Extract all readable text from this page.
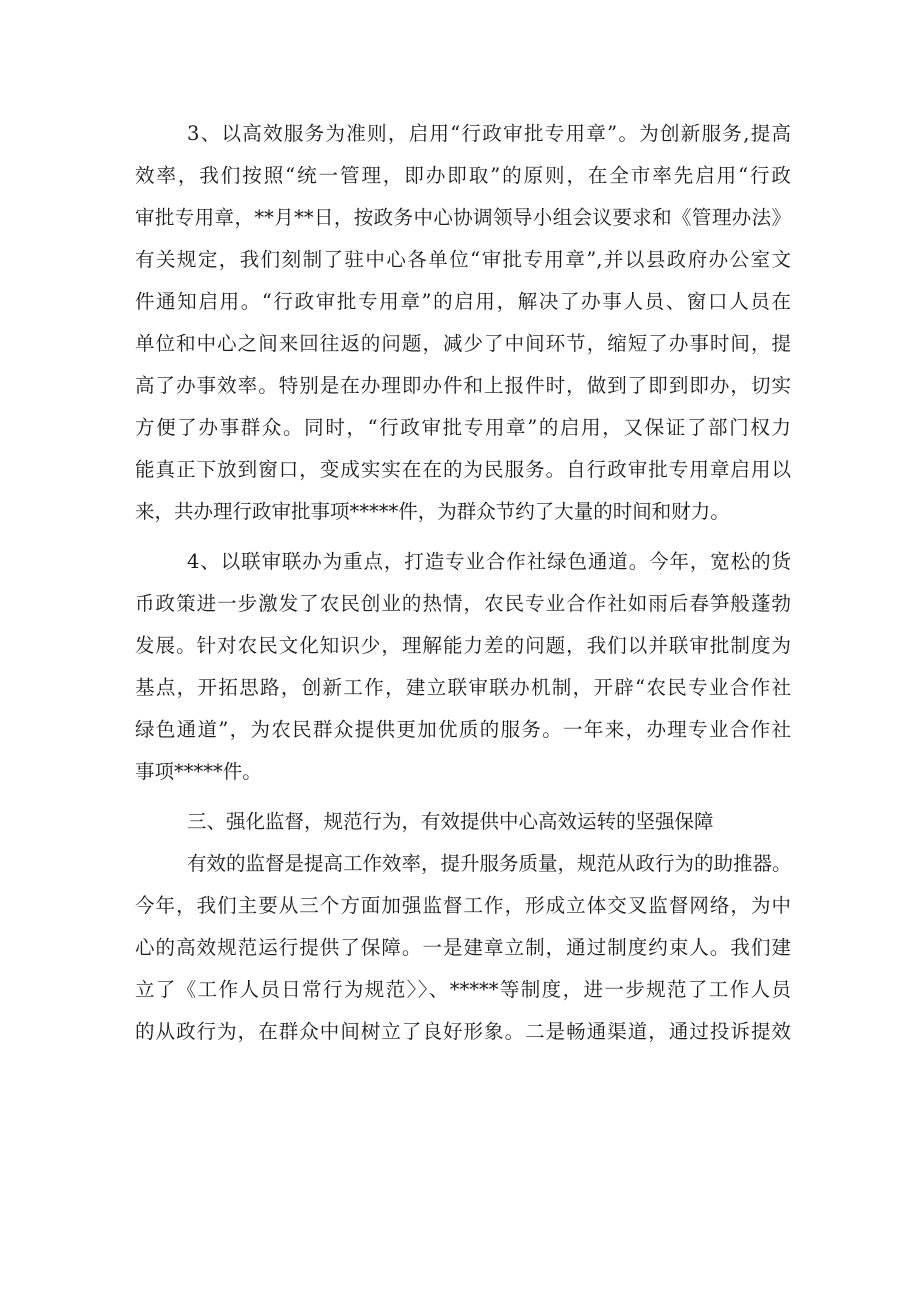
3、以高效服务为准则，启用“行政审批专用章”。为创新服务,提高
效率，我们按照“统一管理，即办即取”的原则，在全市率先启用“行政
审批专用章，**月**日，按政务中心协调领导小组会议要求和《管理办法》
有关规定，我们刻制了驻中心各单位“审批专用章”,并以县政府办公室文
件通知启用。“行政审批专用章”的启用，解决了办事人员、窗口人员在
单位和中心之间来回往返的问题，减少了中间环节，缩短了办事时间，提
高了办事效率。特别是在办理即办件和上报件时，做到了即到即办，切实
方便了办事群众。同时，“行政审批专用章”的启用，又保证了部门权力
能真正下放到窗口，变成实实在在的为民服务。自行政审批专用章启用以
来，共办理行政审批事项*****件，为群众节约了大量的时间和财力。
4、以联审联办为重点，打造专业合作社绿色通道。今年，宽松的货
币政策进一步激发了农民创业的热情，农民专业合作社如雨后春笋般蓬勃
发展。针对农民文化知识少，理解能力差的问题，我们以并联审批制度为
基点，开拓思路，创新工作，建立联审联办机制，开辟“农民专业合作社
绿色通道”，为农民群众提供更加优质的服务。一年来，办理专业合作社
事项*****件。
三、强化监督，规范行为，有效提供中心高效运转的坚强保障
有效的监督是提高工作效率，提升服务质量，规范从政行为的助推器。
今年，我们主要从三个方面加强监督工作，形成立体交叉监督网络，为中
心的高效规范运行提供了保障。一是建章立制，通过制度约束人。我们建
立了《工作人员日常行为规范〉〉、*****等制度，进一步规范了工作人员
的从政行为，在群众中间树立了良好形象。二是畅通渠道，通过投诉提效
